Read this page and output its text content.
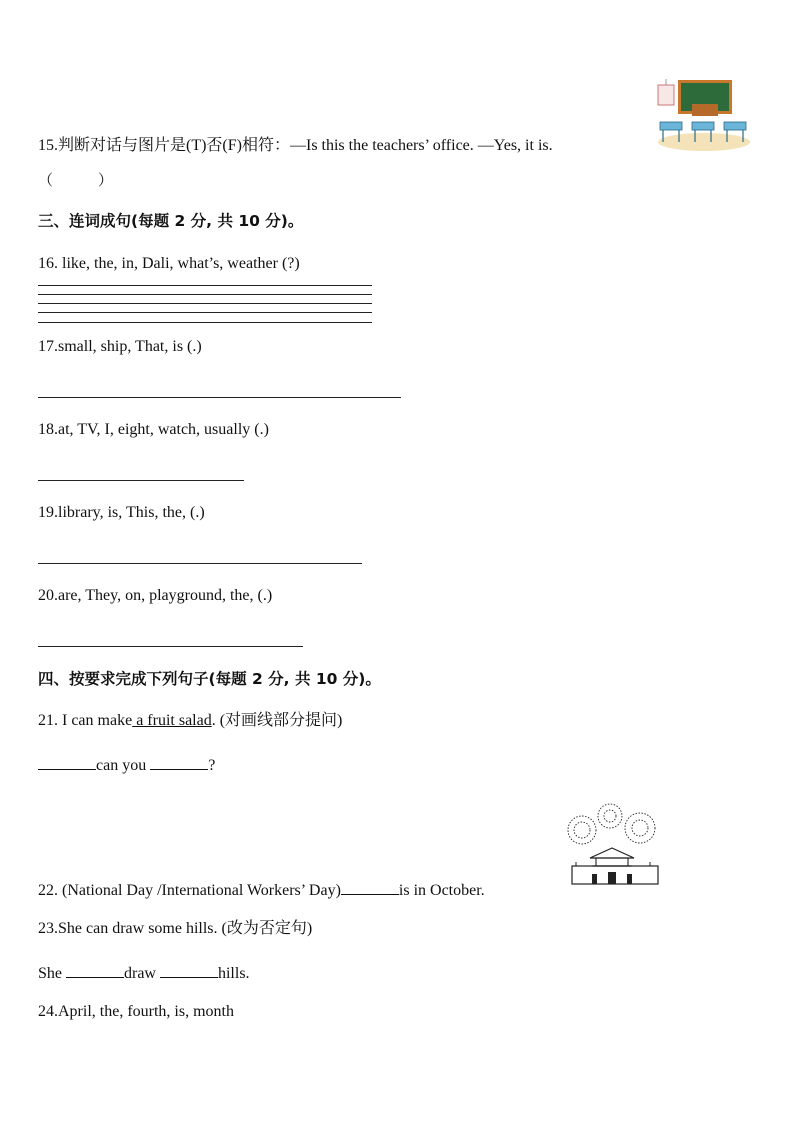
15.判断对话与图片是(T)否(F)相符：—Is this the teachers’ office. —Yes, it is.
（　　　）
三、连词成句(每题 2 分, 共 10 分)。
16. like, the, in, Dali, what’s, weather (?)
17.small, ship, That, is (.)
18.at, TV, I, eight, watch, usually (.)
19.library, is, This, the, (.)
20.are, They, on, playground, the, (.)
四、按要求完成下列句子(每题 2 分, 共 10 分)。
21. I can make a fruit salad. (对画线部分提问)
can you	?
22. (National Day /International Workers’ Day)	is in October.
23.She can draw some hills. (改为否定句)
She	draw	hills.
24.April, the, fourth, is, month
